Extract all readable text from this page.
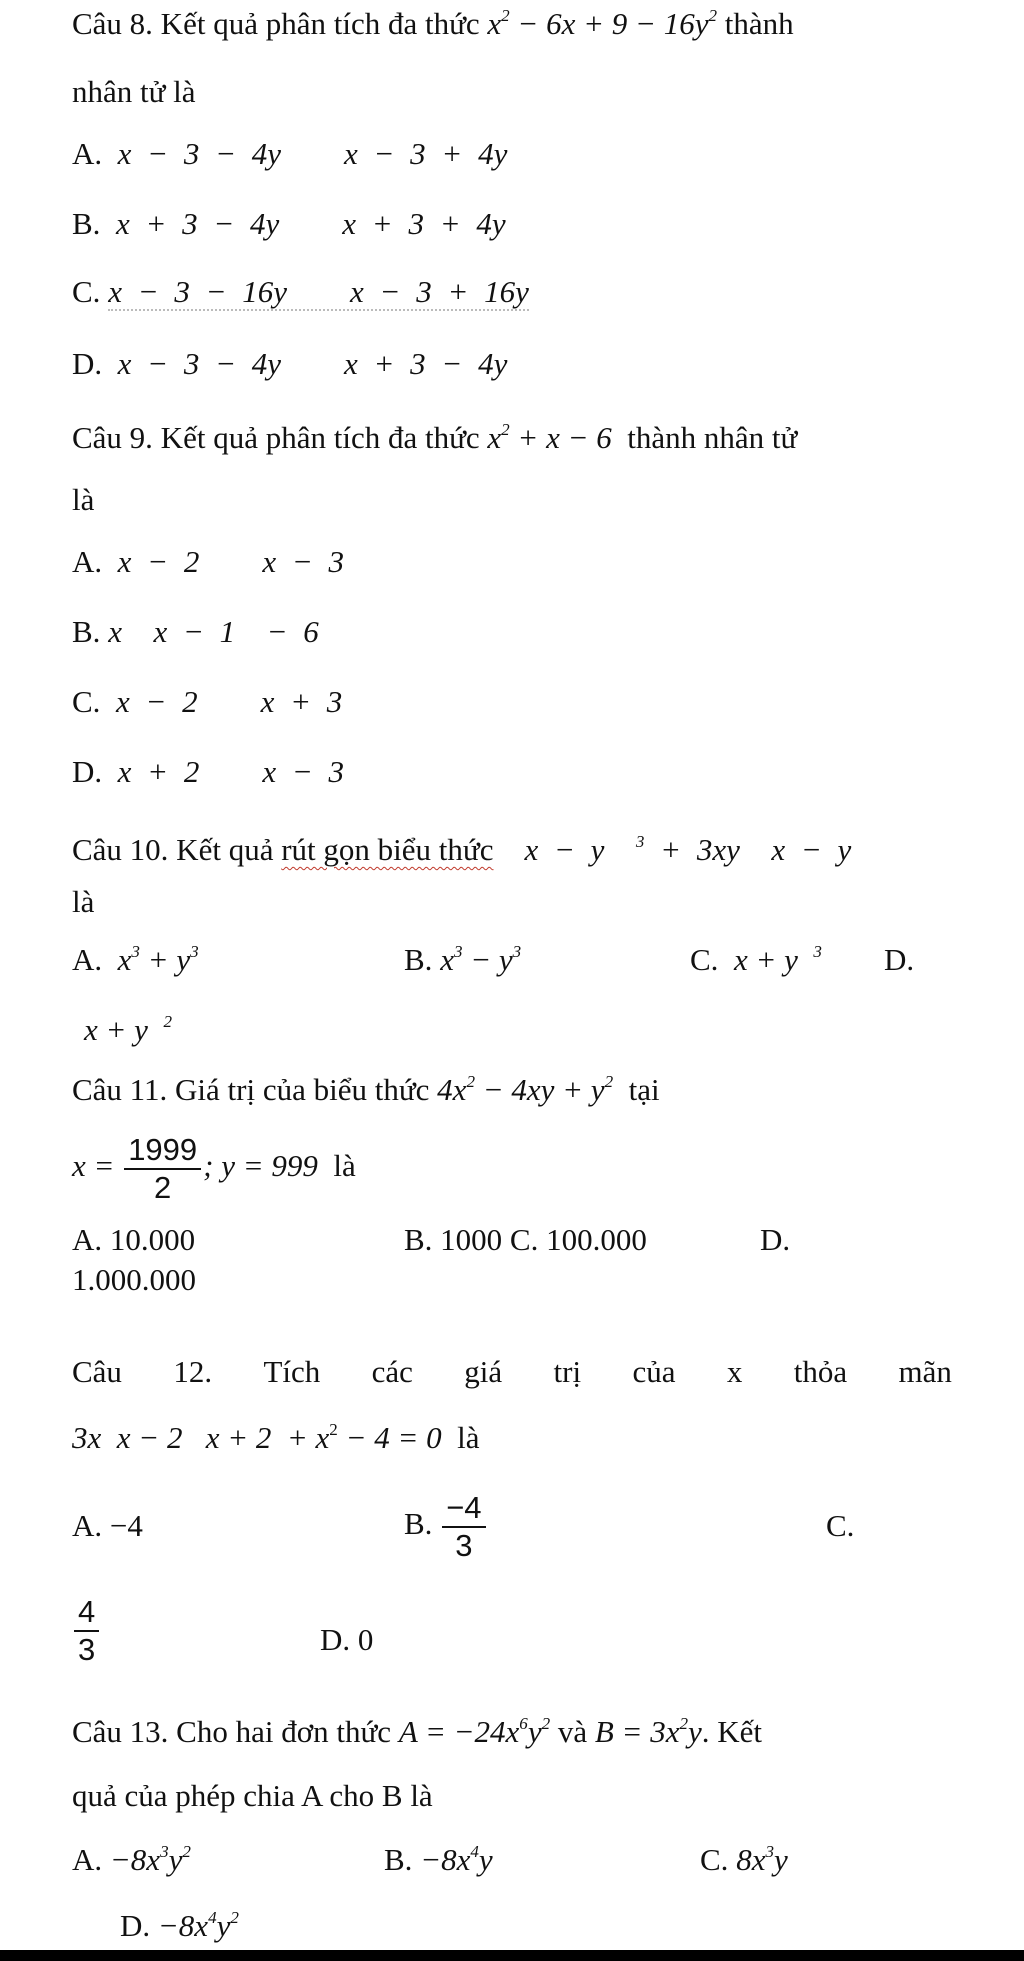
Câu 8. Kết quả phân tích đa thức $x^2 - 6x + 9 - 16y^2$ thành
nhân tử là
A. x − 3 − 4y    x − 3 + 4y
B. x + 3 − 4y    x + 3 + 4y
C. x − 3 − 16y    x − 3 + 16y
D. x − 3 − 4y    x + 3 − 4y
Câu 9. Kết quả phân tích đa thức $x^2 + x - 6$ thành nhân tử
là
A. x − 2    x − 3
B. x  x − 1  − 6
C. x − 2    x + 3
D. x + 2    x − 3
Câu 10. Kết quả rút gọn biểu thức x − y $^3$ + 3xy  x − y
là
A. $x^3 + y^3$	B. $x^3 - y^3$	C. x + y $^3$ D.
x + y $^2$
Câu 11. Giá trị của biểu thức $4x^2 - 4xy + y^2$ tại
$x = \frac{1999}{2}$ ; y = 999 là
A. 10.000	B. 1000 C. 100.000	D.
1.000.000
Câu 12. Tích các giá trị của x thỏa mãn
3x  x − 2   $x + 2 + x^2 - 4 = 0$ là
A. −4	B. $\frac{-4}{3}$	C.
$\frac{4}{3}$	D. 0
Câu 13. Cho hai đơn thức $A = -24x^6y^2$ và $B = 3x^2y$. Kết
quả của phép chia A cho B là
A. $-8x^3y^2$	B. $-8x^4y$	C. $8x^3y$
D. $-8x^4y^2$
